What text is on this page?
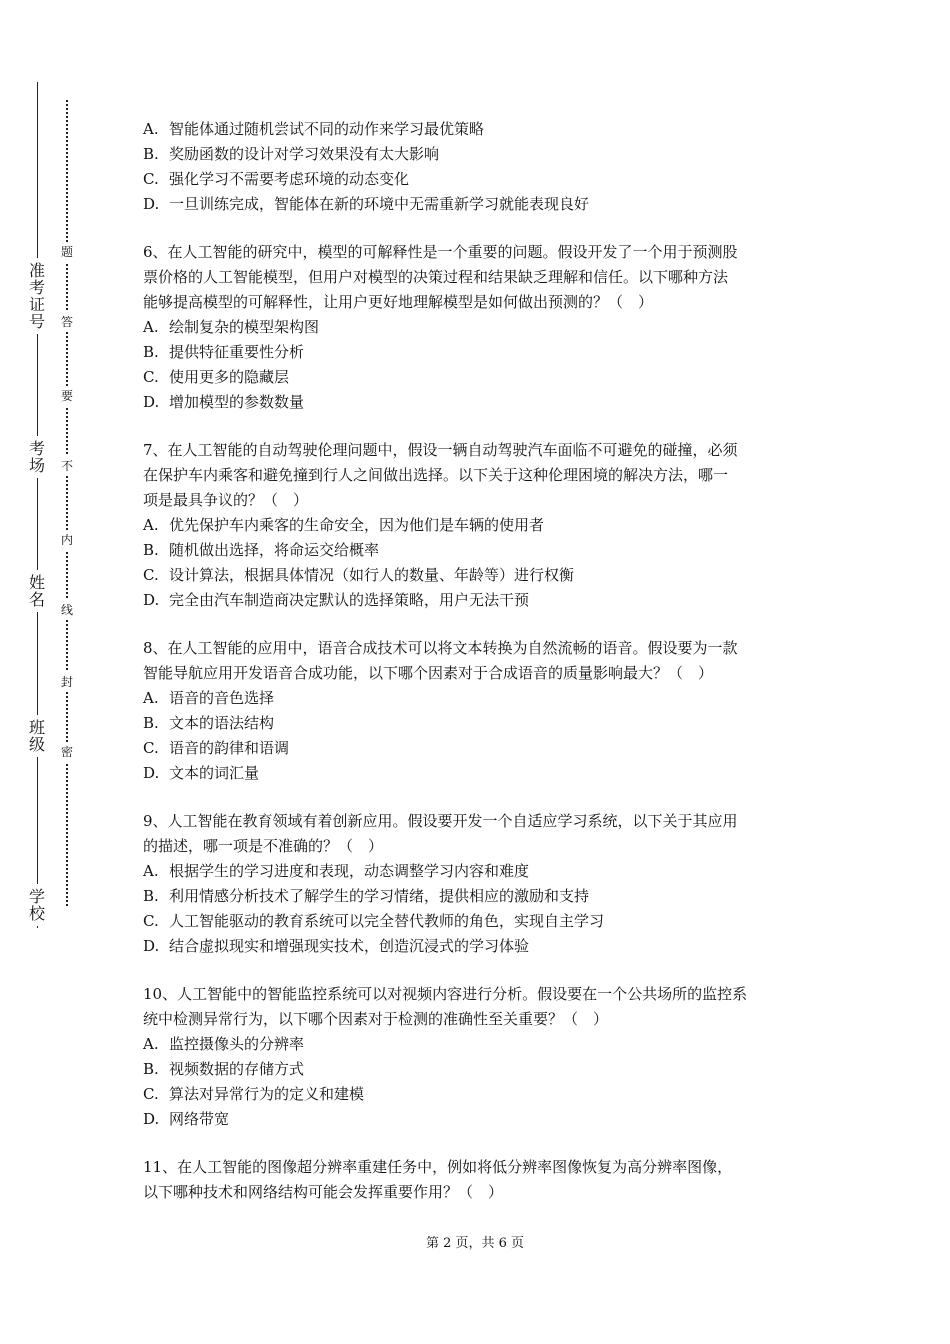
准
考
证
号
考
场
姓
名
班
级
学
校
题
答
要
不
内
线
封
密

A. 智能体通过随机尝试不同的动作来学习最优策略

B. 奖励函数的设计对学习效果没有太大影响

C. 强化学习不需要考虑环境的动态变化

D. 一旦训练完成，智能体在新的环境中无需重新学习就能表现良好

6、在人工智能的研究中，模型的可解释性是一个重要的问题。假设开发了一个用于预测股

票价格的人工智能模型，但用户对模型的决策过程和结果缺乏理解和信任。以下哪种方法

能够提高模型的可解释性，让用户更好地理解模型是如何做出预测的？（　）

A. 绘制复杂的模型架构图

B. 提供特征重要性分析

C. 使用更多的隐藏层

D. 增加模型的参数数量

7、在人工智能的自动驾驶伦理问题中，假设一辆自动驾驶汽车面临不可避免的碰撞，必须

在保护车内乘客和避免撞到行人之间做出选择。以下关于这种伦理困境的解决方法，哪一

项是最具争议的？（　）

A. 优先保护车内乘客的生命安全，因为他们是车辆的使用者

B. 随机做出选择，将命运交给概率

C. 设计算法，根据具体情况（如行人的数量、年龄等）进行权衡

D. 完全由汽车制造商决定默认的选择策略，用户无法干预

8、在人工智能的应用中，语音合成技术可以将文本转换为自然流畅的语音。假设要为一款

智能导航应用开发语音合成功能，以下哪个因素对于合成语音的质量影响最大？（　）

A. 语音的音色选择

B. 文本的语法结构

C. 语音的韵律和语调

D. 文本的词汇量

9、人工智能在教育领域有着创新应用。假设要开发一个自适应学习系统，以下关于其应用

的描述，哪一项是不准确的？（　）

A. 根据学生的学习进度和表现，动态调整学习内容和难度

B. 利用情感分析技术了解学生的学习情绪，提供相应的激励和支持

C. 人工智能驱动的教育系统可以完全替代教师的角色，实现自主学习

D. 结合虚拟现实和增强现实技术，创造沉浸式的学习体验

10、人工智能中的智能监控系统可以对视频内容进行分析。假设要在一个公共场所的监控系

统中检测异常行为，以下哪个因素对于检测的准确性至关重要？（　）

A. 监控摄像头的分辨率

B. 视频数据的存储方式

C. 算法对异常行为的定义和建模

D. 网络带宽

11、在人工智能的图像超分辨率重建任务中，例如将低分辨率图像恢复为高分辨率图像，

以下哪种技术和网络结构可能会发挥重要作用？（　）

第 2 页，共 6 页
